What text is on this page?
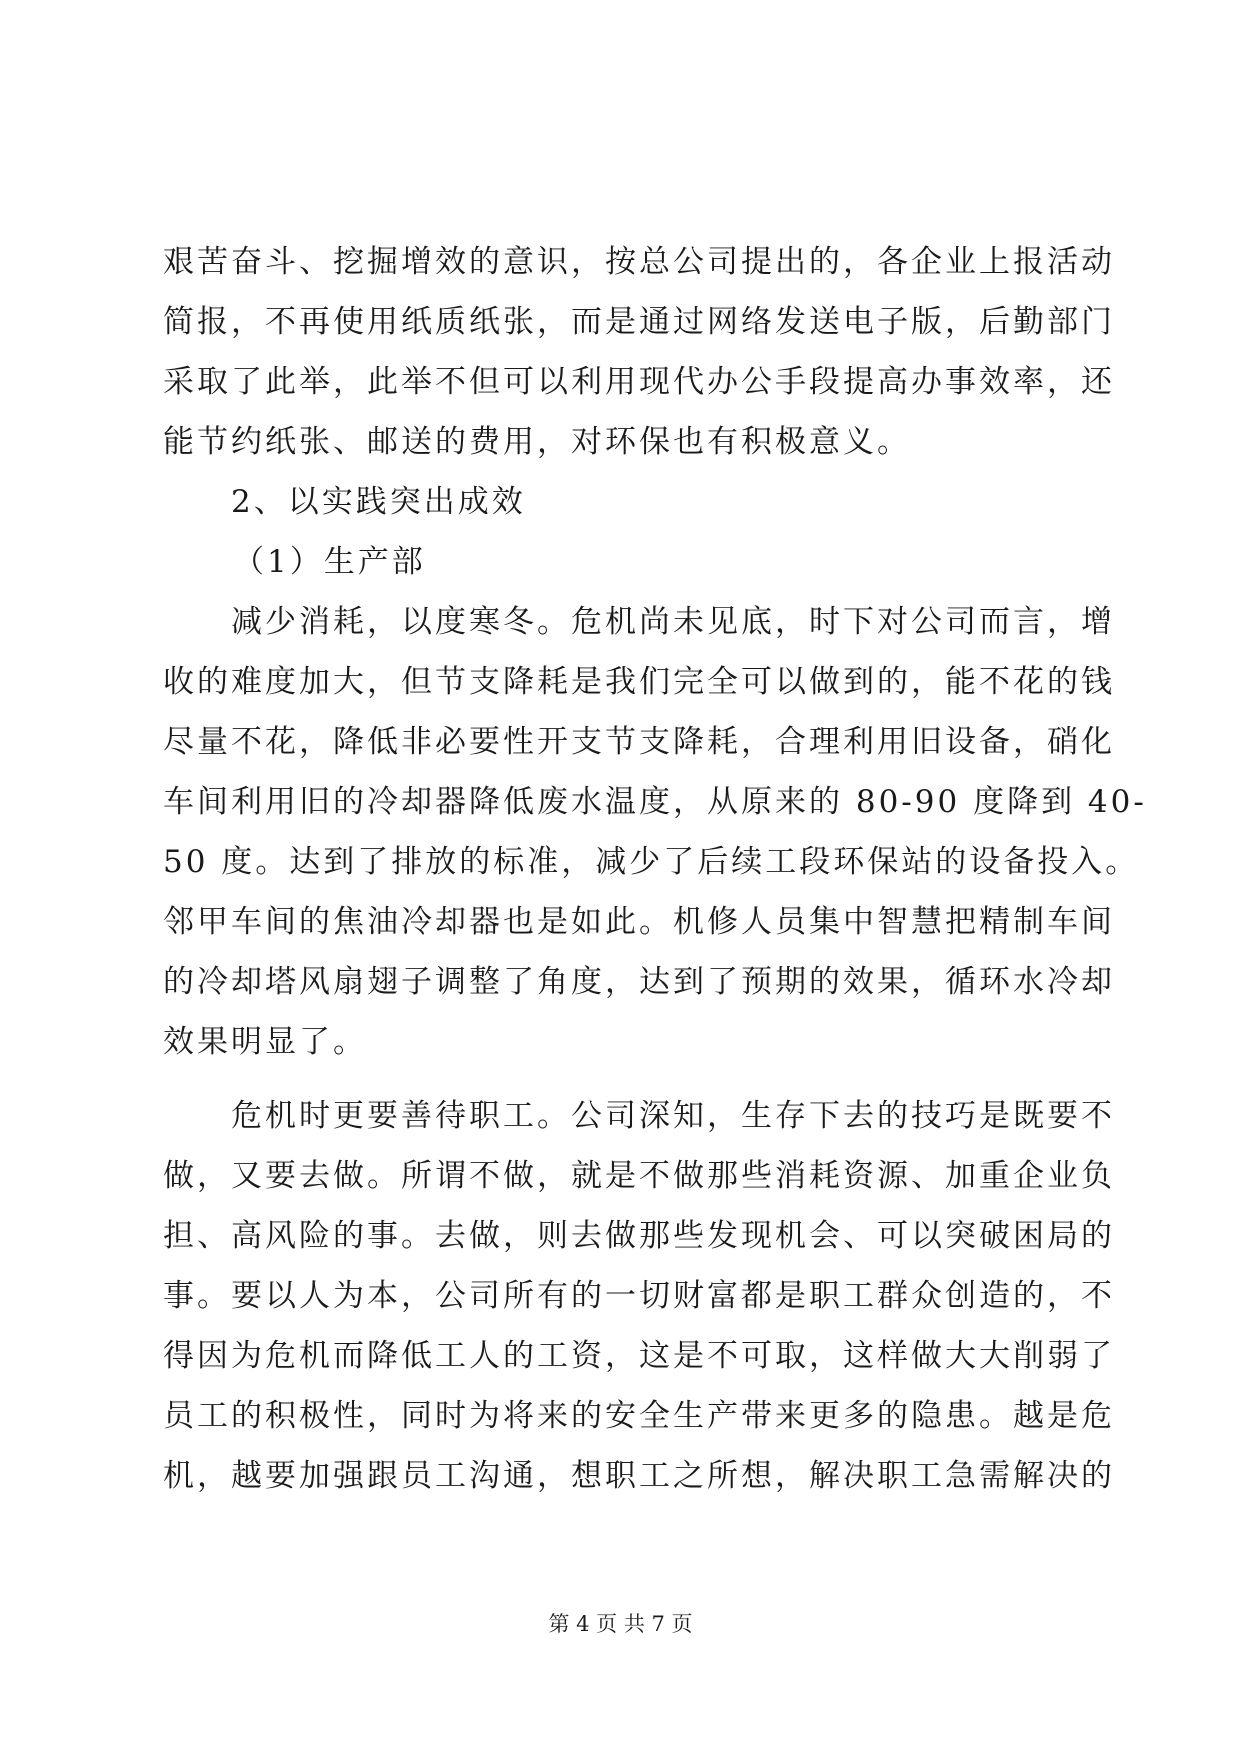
艰苦奋斗、挖掘增效的意识，按总公司提出的，各企业上报活动
简报，不再使用纸质纸张，而是通过网络发送电子版，后勤部门
采取了此举，此举不但可以利用现代办公手段提高办事效率，还
能节约纸张、邮送的费用，对环保也有积极意义。
2、以实践突出成效
（1）生产部
减少消耗，以度寒冬。危机尚未见底，时下对公司而言，增
收的难度加大，但节支降耗是我们完全可以做到的，能不花的钱
尽量不花，降低非必要性开支节支降耗，合理利用旧设备，硝化
车间利用旧的冷却器降低废水温度，从原来的 80-90 度降到 40-
50 度。达到了排放的标准，减少了后续工段环保站的设备投入。
邻甲车间的焦油冷却器也是如此。机修人员集中智慧把精制车间
的冷却塔风扇翅子调整了角度，达到了预期的效果，循环水冷却
效果明显了。
危机时更要善待职工。公司深知，生存下去的技巧是既要不
做，又要去做。所谓不做，就是不做那些消耗资源、加重企业负
担、高风险的事。去做，则去做那些发现机会、可以突破困局的
事。要以人为本，公司所有的一切财富都是职工群众创造的，不
得因为危机而降低工人的工资，这是不可取，这样做大大削弱了
员工的积极性，同时为将来的安全生产带来更多的隐患。越是危
机，越要加强跟员工沟通，想职工之所想，解决职工急需解决的
第 4 页 共 7 页
